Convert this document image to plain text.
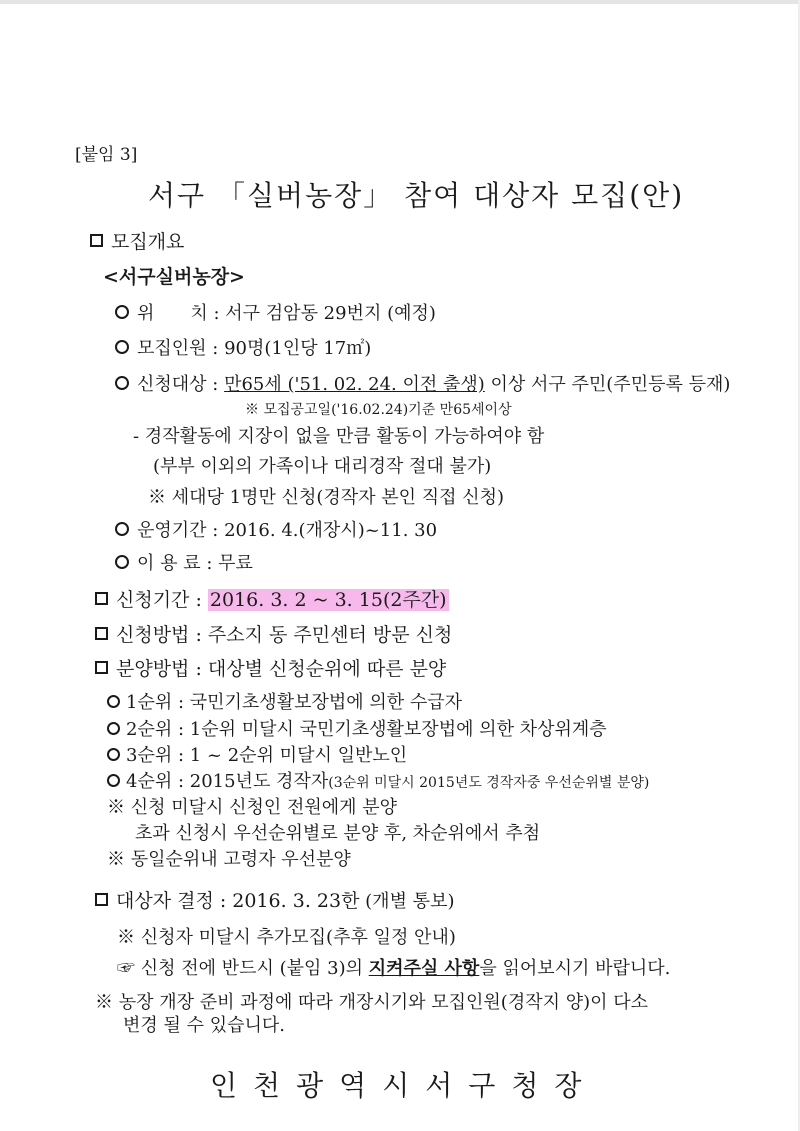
[붙임 3]
서구 「실버농장」 참여 대상자 모집(안)
모집개요
<서구실버농장>
위　　치 : 서구 검암동 29번지 (예정)
모집인원 : 90명(1인당 17㎡)
신청대상 : 만65세 ('51. 02. 24. 이전 출생) 이상 서구 주민(주민등록 등재)
※ 모집공고일('16.02.24)기준 만65세이상
- 경작활동에 지장이 없을 만큼 활동이 가능하여야 함
(부부 이외의 가족이나 대리경작 절대 불가)
※ 세대당 1명만 신청(경작자 본인 직접 신청)
운영기간 : 2016. 4.(개장시)~11. 30
이 용 료 : 무료
신청기간 : 2016. 3. 2 ~ 3. 15(2주간)
신청방법 : 주소지 동 주민센터 방문 신청
분양방법 : 대상별 신청순위에 따른 분양
1순위 : 국민기초생활보장법에 의한 수급자
2순위 : 1순위 미달시 국민기초생활보장법에 의한 차상위계층
3순위 : 1 ~ 2순위 미달시 일반노인
4순위 : 2015년도 경작자(3순위 미달시 2015년도 경작자중 우선순위별 분양)
※ 신청 미달시 신청인 전원에게 분양
초과 신청시 우선순위별로 분양 후, 차순위에서 추첨
※ 동일순위내 고령자 우선분양
대상자 결정 : 2016. 3. 23한 (개별 통보)
※ 신청자 미달시 추가모집(추후 일정 안내)
☞ 신청 전에 반드시 (붙임 3)의 지켜주실 사항을 읽어보시기 바랍니다.
※ 농장 개장 준비 과정에 따라 개장시기와 모집인원(경작지 양)이 다소
변경 될 수 있습니다.
인천광역시서구청장
